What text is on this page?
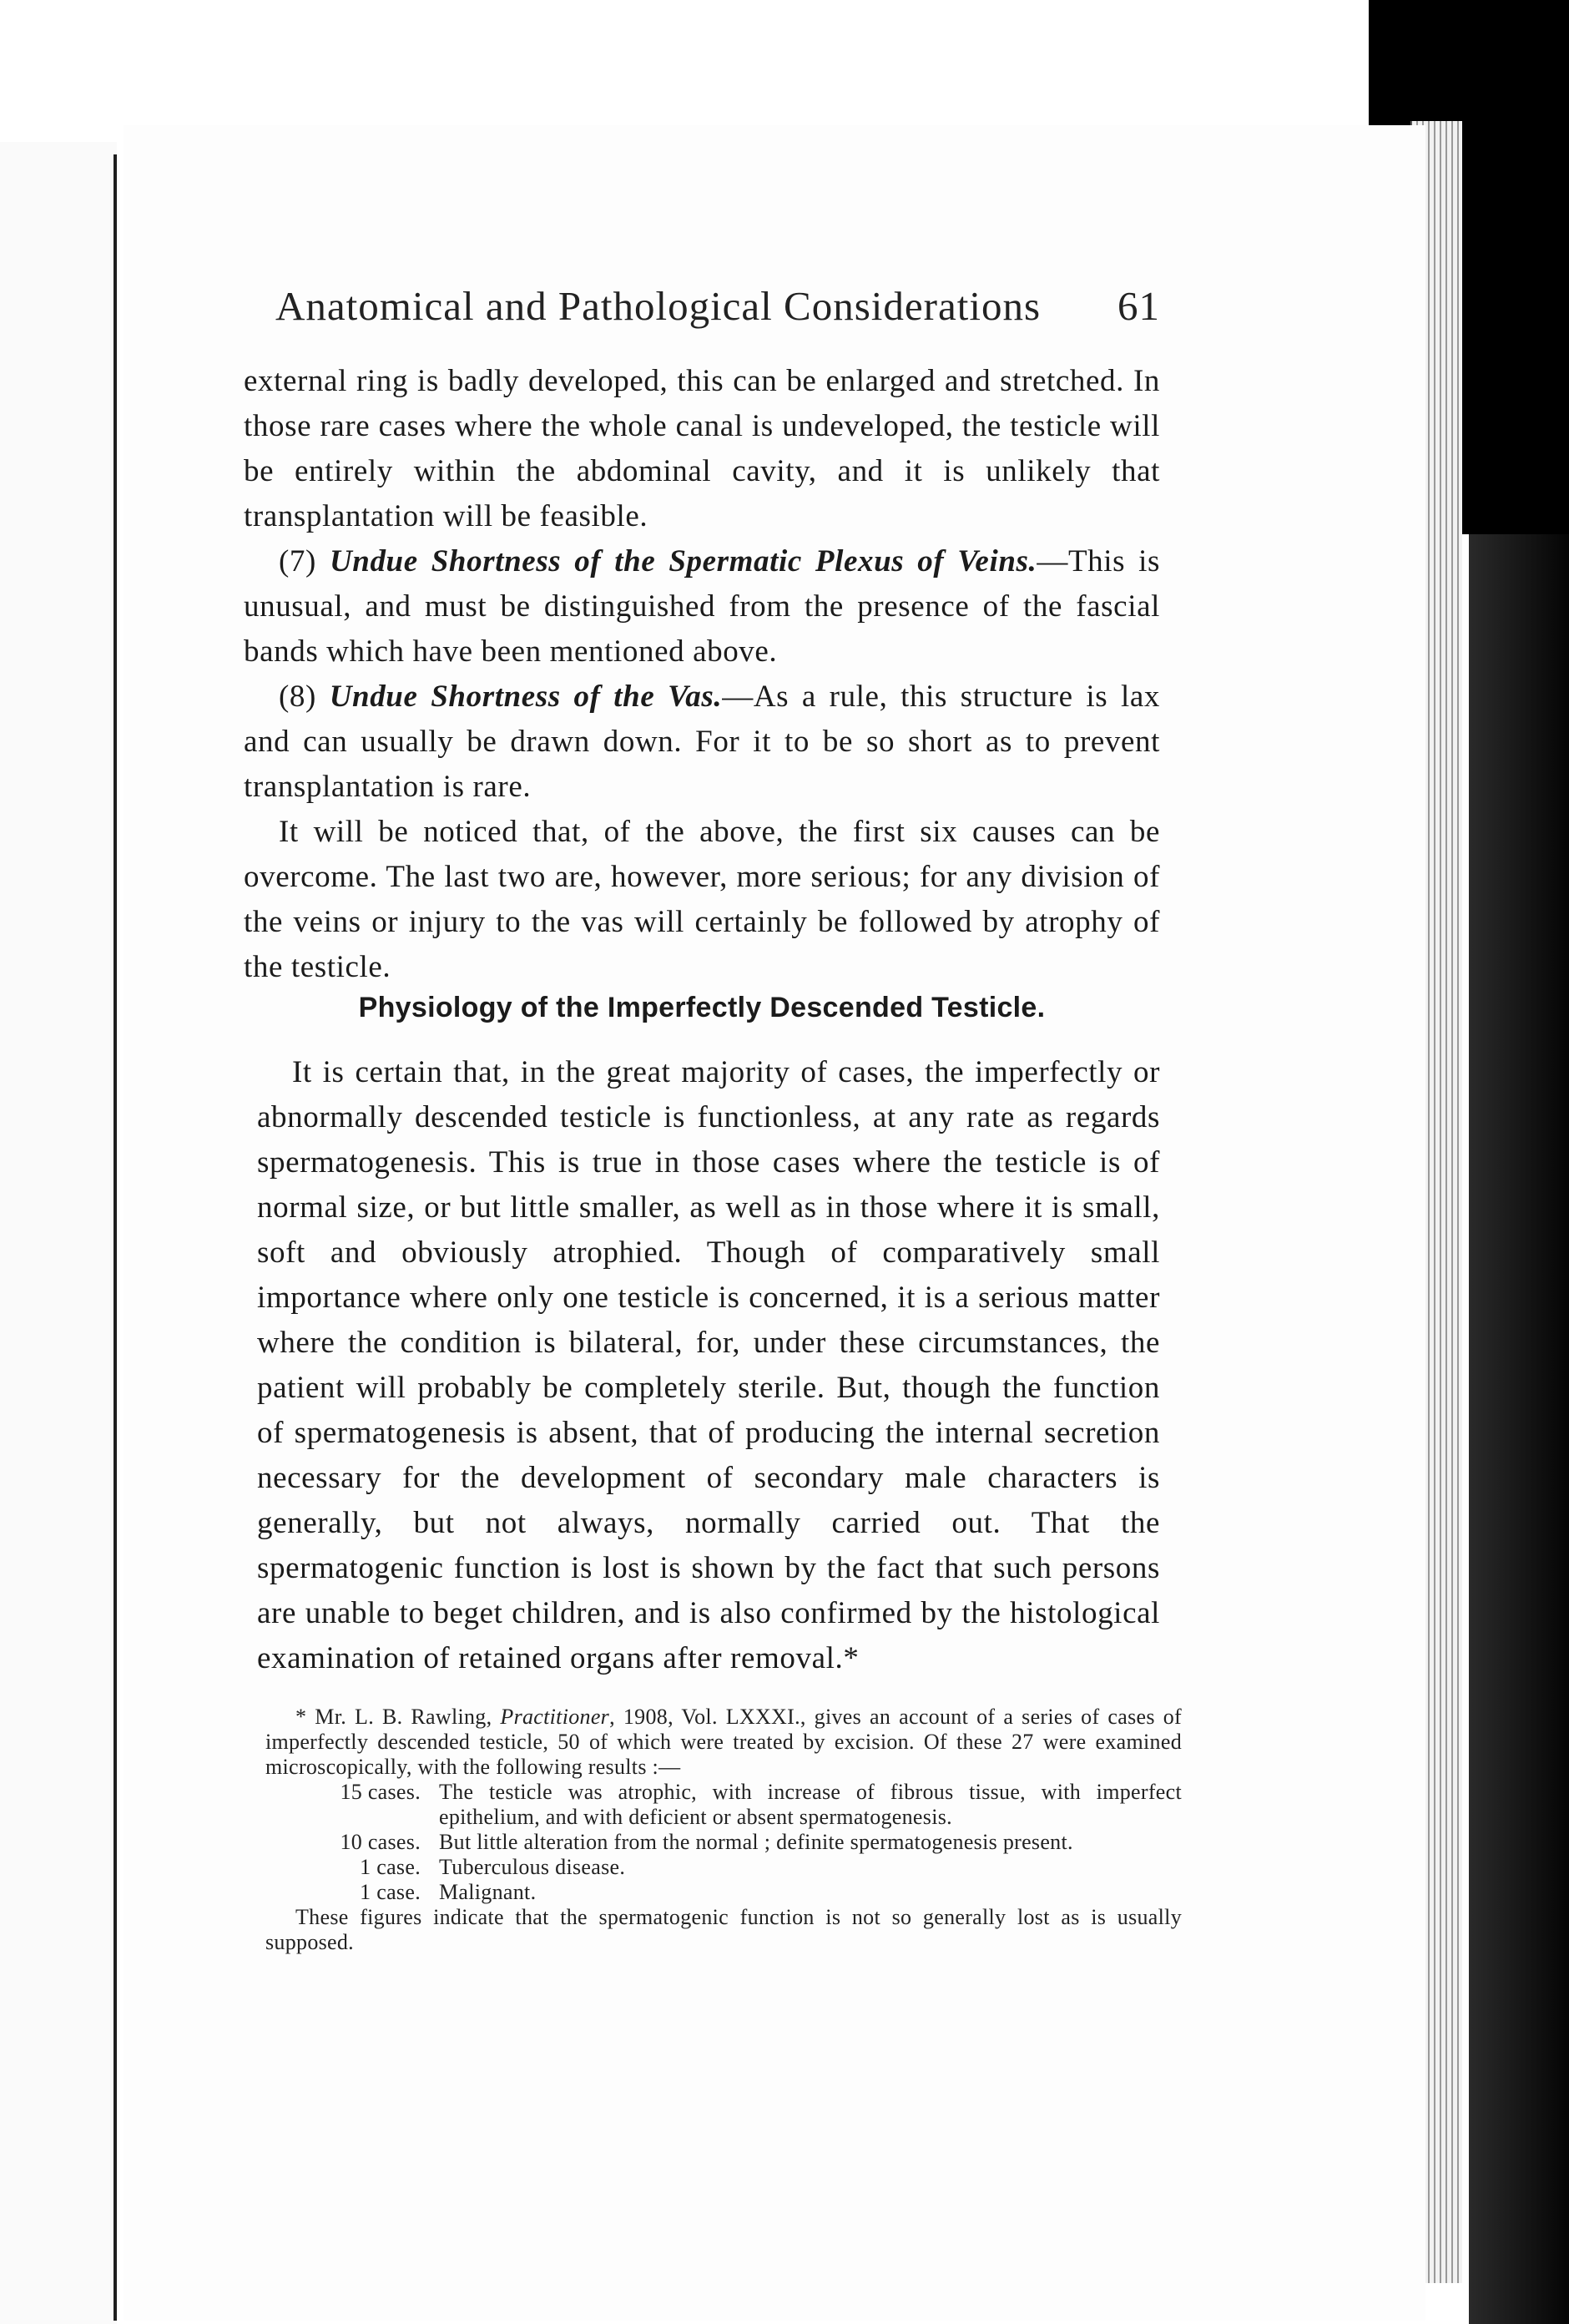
Anatomical and Pathological Considerations 61

external ring is badly developed, this can be enlarged and stretched. In those rare cases where the whole canal is undeveloped, the testicle will be entirely within the abdominal cavity, and it is unlikely that transplantation will be feasible.

(7) Undue Shortness of the Spermatic Plexus of Veins.—This is unusual, and must be distinguished from the presence of the fascial bands which have been mentioned above.

(8) Undue Shortness of the Vas.—As a rule, this structure is lax and can usually be drawn down. For it to be so short as to prevent transplantation is rare.

It will be noticed that, of the above, the first six causes can be overcome. The last two are, however, more serious; for any division of the veins or injury to the vas will certainly be followed by atrophy of the testicle.

Physiology of the Imperfectly Descended Testicle.

It is certain that, in the great majority of cases, the imperfectly or abnormally descended testicle is functionless, at any rate as regards spermatogenesis. This is true in those cases where the testicle is of normal size, or but little smaller, as well as in those where it is small, soft and obviously atrophied. Though of comparatively small importance where only one testicle is concerned, it is a serious matter where the condition is bilateral, for, under these circumstances, the patient will probably be completely sterile. But, though the function of spermatogenesis is absent, that of producing the internal secretion necessary for the development of secondary male characters is generally, but not always, normally carried out. That the spermatogenic function is lost is shown by the fact that such persons are unable to beget children, and is also confirmed by the histological examination of retained organs after removal.*

* Mr. L. B. Rawling, Practitioner, 1908, Vol. LXXXI., gives an account of a series of cases of imperfectly descended testicle, 50 of which were treated by excision. Of these 27 were examined microscopically, with the following results :—

15 cases. The testicle was atrophic, with increase of fibrous tissue, with imperfect epithelium, and with deficient or absent spermatogenesis.
10 cases. But little alteration from the normal ; definite spermatogenesis present.
1 case. Tuberculous disease.
1 case. Malignant.

These figures indicate that the spermatogenic function is not so generally lost as is usually supposed.
